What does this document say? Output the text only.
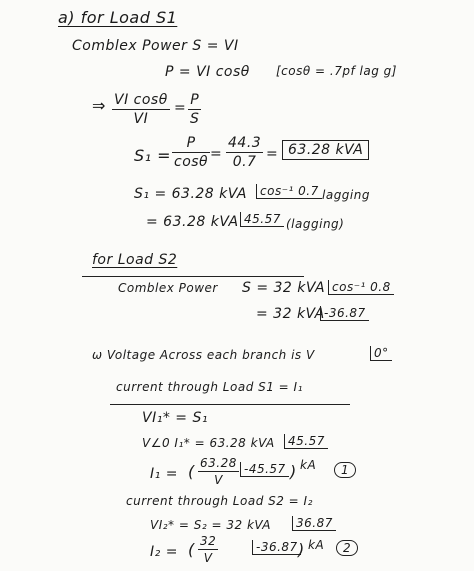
a) for Load S1
Comblex Power S = VI
P = VI cosθ [cosθ = .7pf lag g]
⇒ VI cosθ
VI
= P
S
S₁ =
P
cosθ =
44.3
0.7 = 63.28 kVA
S₁ = 63.28 kVA	cos⁻¹ 0.7 lagging
= 63.28 kVA 45.57 (lagging)
for Load S2
Comblex Power S = 32 kVA cos⁻¹ 0.8
= 32 kVA -36.87
ω Voltage Across each branch is V	0°
current through Load S1 = I₁
VI₁* = S₁
V∠0 I₁* = 63.28 kVA	45.57
I₁ = ( 63.28
V
-45.57 ) kA	1
current through Load S2 = I₂
VI₂* = S₂ = 32 kVA	36.87
I₂ = ( 32
V
-36.87 ) kA	2
